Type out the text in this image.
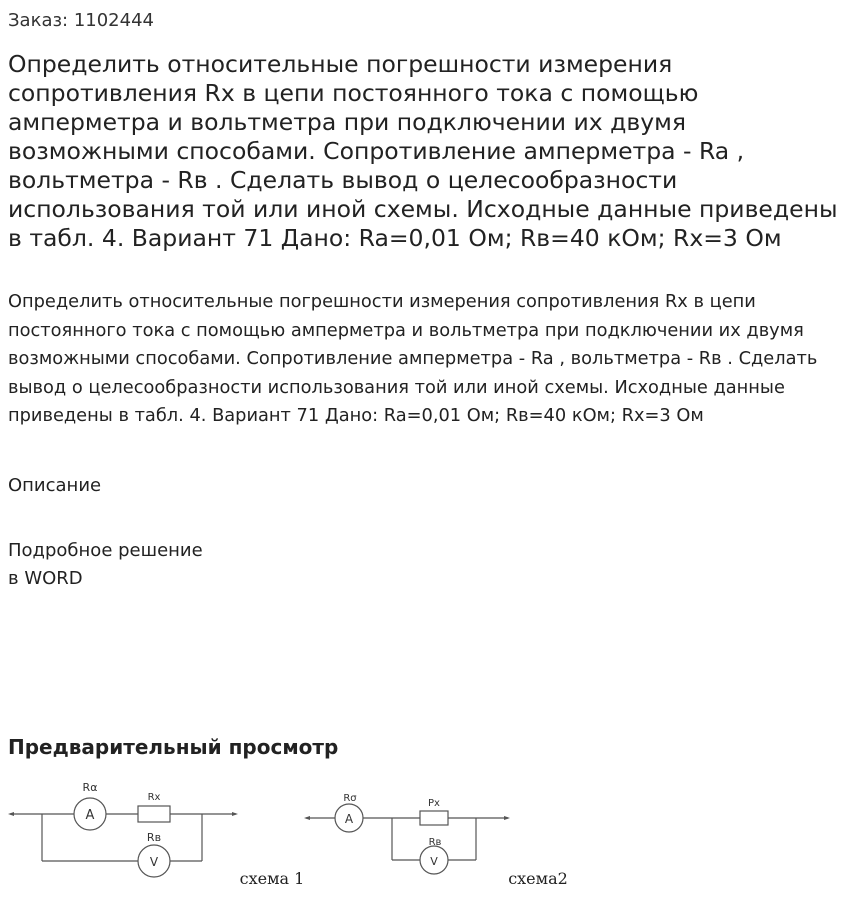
Заказ: 1102444
Определить относительные погрешности измерения сопротивления Rx в цепи постоянного тока с помощью амперметра и вольтметра при подключении их двумя возможными способами. Сопротивление амперметра - Ra , вольтметра - Rв . Сделать вывод о целесообразности использования той или иной схемы. Исходные данные приведены в табл. 4. Вариант 71 Дано: Ra=0,01 Ом; Rв=40 кОм; Rx=3 Ом

Определить относительные погрешности измерения сопротивления Rx в цепи постоянного тока с помощью амперметра и вольтметра при подключении их двумя возможными способами. Сопротивление амперметра - Ra , вольтметра - Rв . Сделать вывод о целесообразности использования той или иной схемы. Исходные данные приведены в табл. 4. Вариант 71 Дано: Ra=0,01 Ом; Rв=40 кОм; Rx=3 Ом

Описание
Подробное решение
в WORD
Предварительный просмотр
A
Rα
Rx
V
Rв
схема 1
A
Rσ	Px
V
Rв
схема2
